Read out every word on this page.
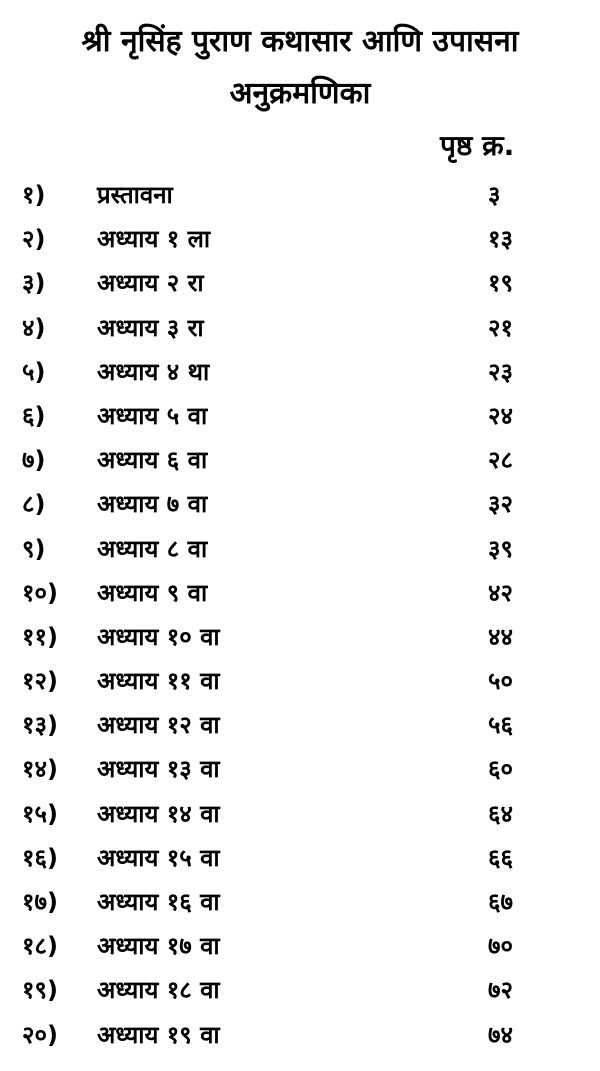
श्री नृसिंह पुराण कथासार आणि उपासना
अनुक्रमणिका
पृष्ठ क्र.
१) प्रस्तावना	३
२) अध्याय १ ला	१३
३) अध्याय २ रा	१९
४) अध्याय ३ रा	२१
५) अध्याय ४ था	२३
६) अध्याय ५ वा	२४
७) अध्याय ६ वा	२८
८) अध्याय ७ वा	३२
९) अध्याय ८ वा	३९
१०) अध्याय ९ वा	४२
११) अध्याय १० वा	४४
१२) अध्याय ११ वा	५०
१३) अध्याय १२ वा	५६
१४) अध्याय १३ वा	६०
१५) अध्याय १४ वा	६४
१६) अध्याय १५ वा	६६
१७) अध्याय १६ वा	६७
१८) अध्याय १७ वा	७०
१९) अध्याय १८ वा	७२
२०) अध्याय १९ वा	७४
